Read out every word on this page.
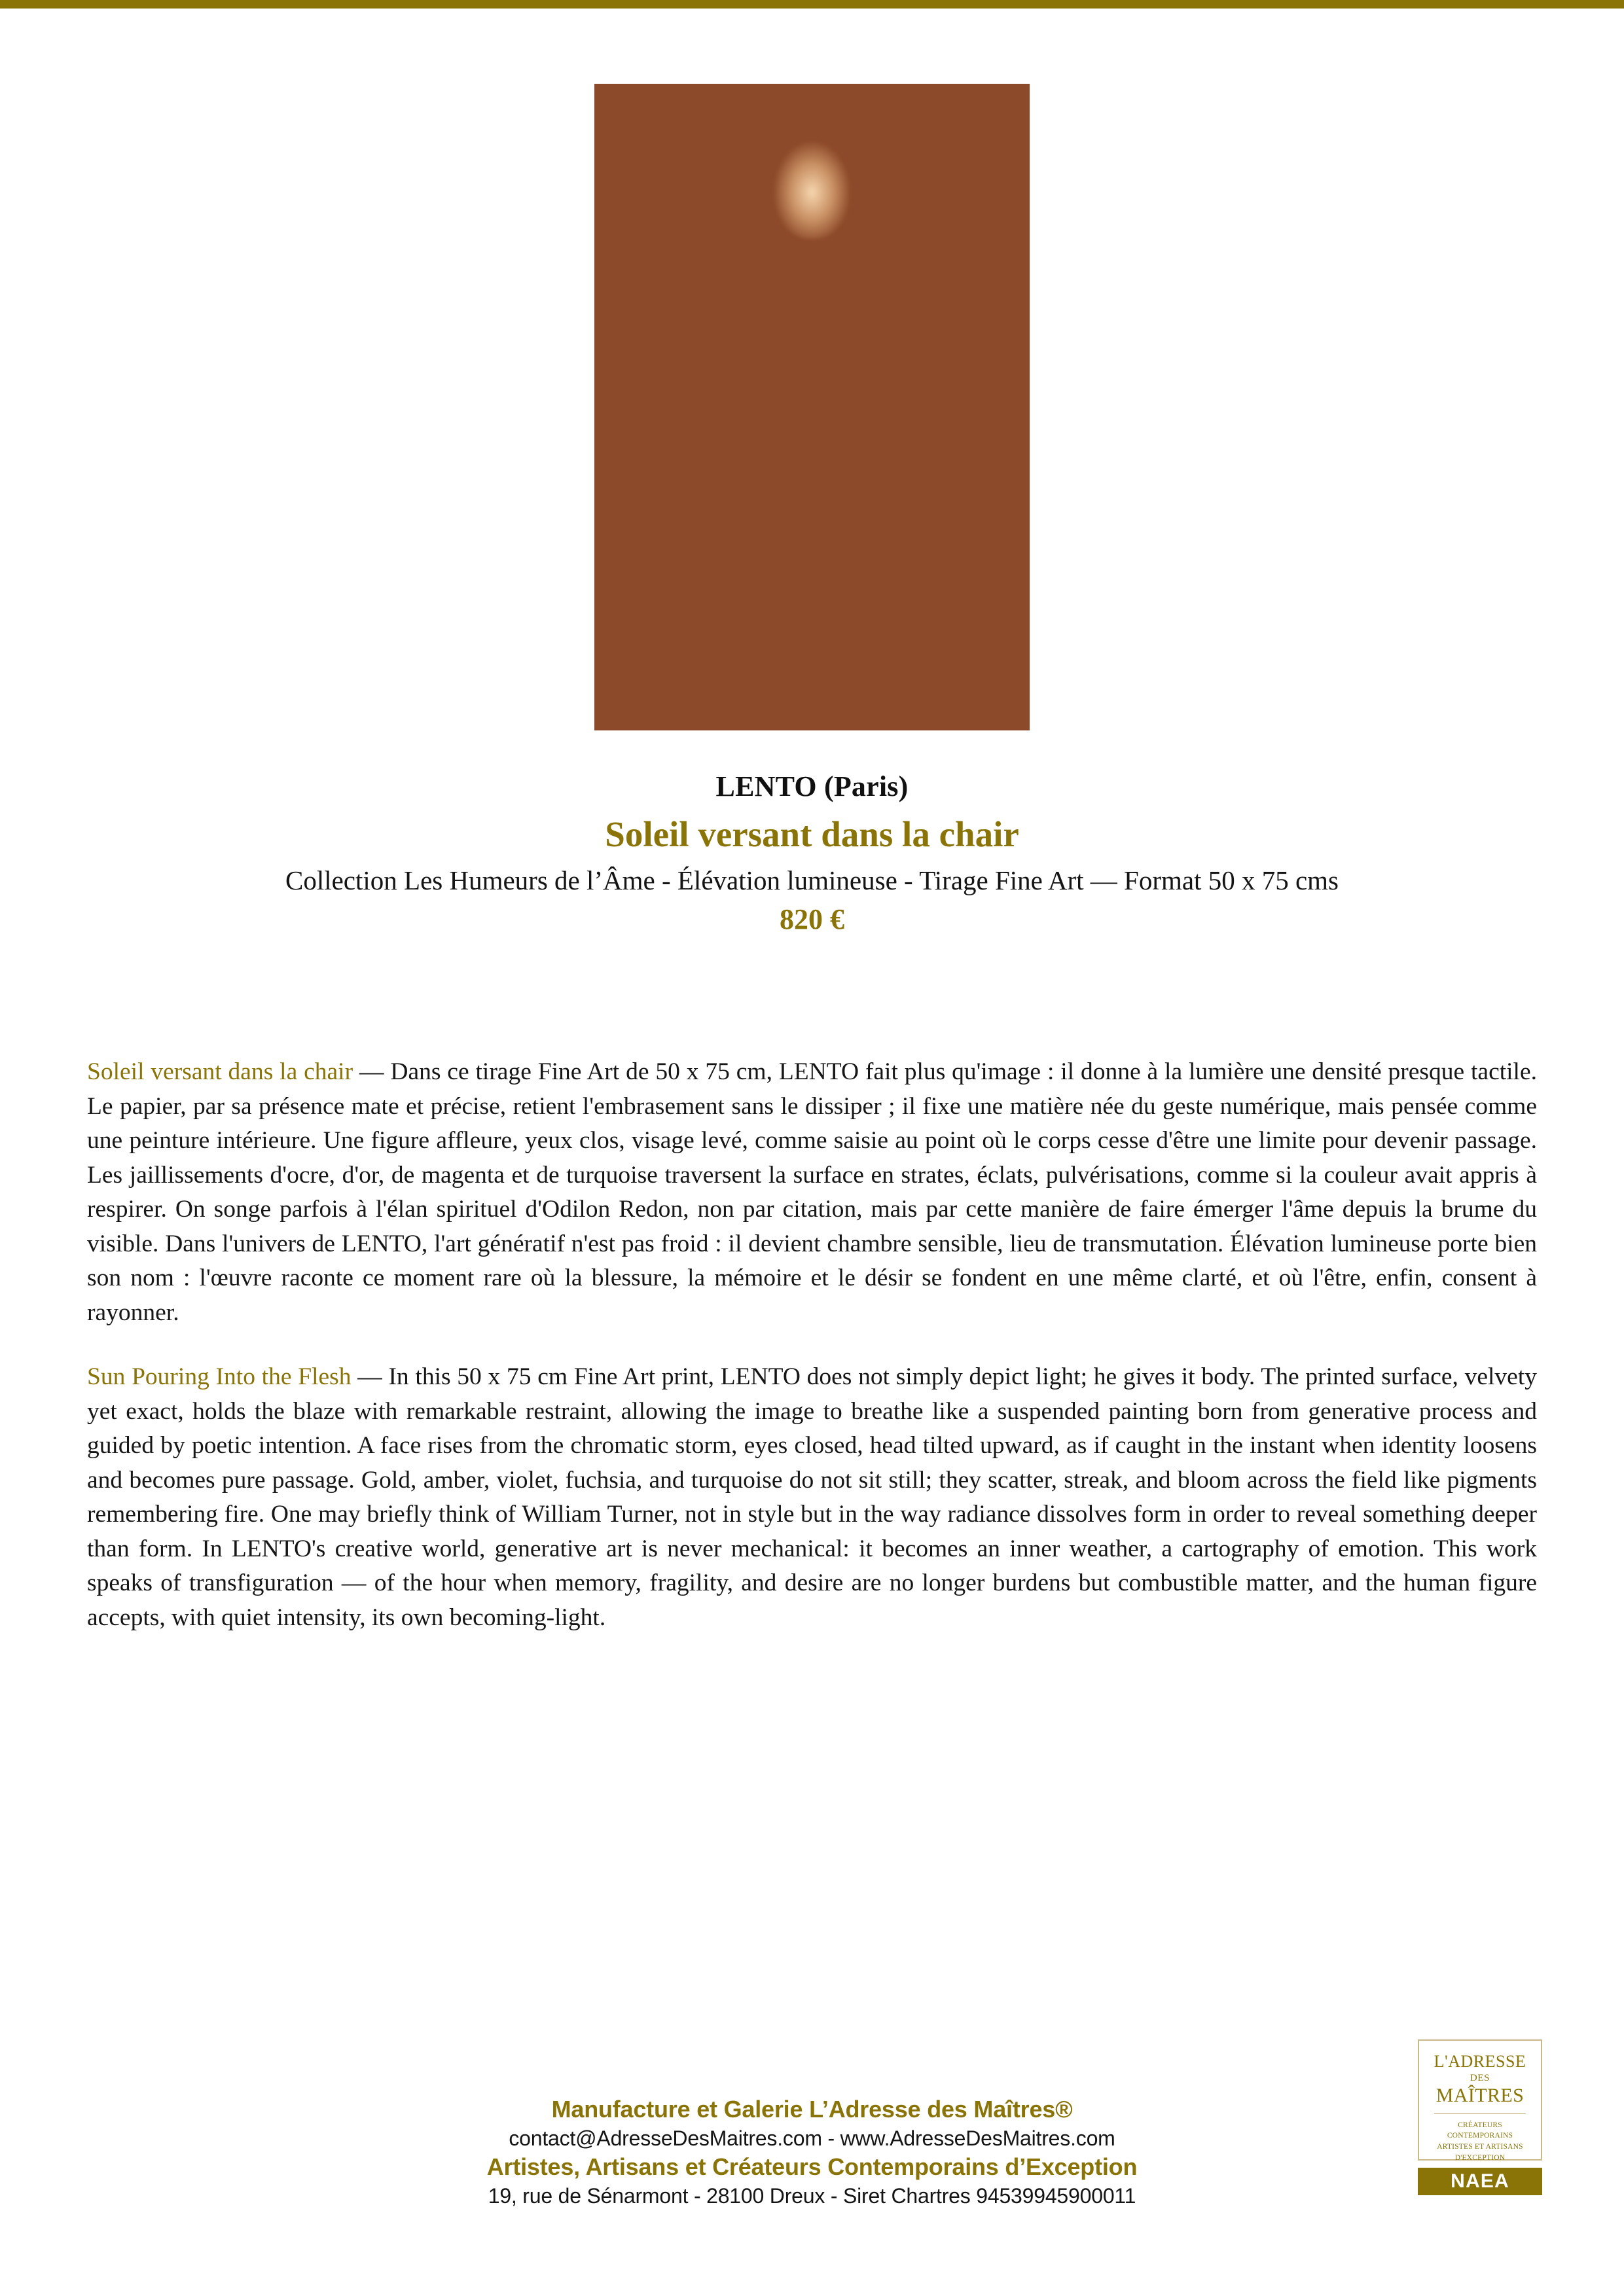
LENTO (Paris)
Soleil versant dans la chair
Collection Les Humeurs de l’Âme - Élévation lumineuse - Tirage Fine Art — Format 50 x 75 cms
820 €

Soleil versant dans la chair — Dans ce tirage Fine Art de 50 x 75 cm, LENTO fait plus qu'image : il donne à la lumière une densité presque tactile. Le papier, par sa présence mate et précise, retient l'embrasement sans le dissiper ; il fixe une matière née du geste numérique, mais pensée comme une peinture intérieure. Une figure affleure, yeux clos, visage levé, comme saisie au point où le corps cesse d'être une limite pour devenir passage. Les jaillissements d'ocre, d'or, de magenta et de turquoise traversent la surface en strates, éclats, pulvérisations, comme si la couleur avait appris à respirer. On songe parfois à l'élan spirituel d'Odilon Redon, non par citation, mais par cette manière de faire émerger l'âme depuis la brume du visible. Dans l'univers de LENTO, l'art génératif n'est pas froid : il devient chambre sensible, lieu de transmutation. Élévation lumineuse porte bien son nom : l'œuvre raconte ce moment rare où la blessure, la mémoire et le désir se fondent en une même clarté, et où l'être, enfin, consent à rayonner.

Sun Pouring Into the Flesh — In this 50 x 75 cm Fine Art print, LENTO does not simply depict light; he gives it body. The printed surface, velvety yet exact, holds the blaze with remarkable restraint, allowing the image to breathe like a suspended painting born from generative process and guided by poetic intention. A face rises from the chromatic storm, eyes closed, head tilted upward, as if caught in the instant when identity loosens and becomes pure passage. Gold, amber, violet, fuchsia, and turquoise do not sit still; they scatter, streak, and bloom across the field like pigments remembering fire. One may briefly think of William Turner, not in style but in the way radiance dissolves form in order to reveal something deeper than form. In LENTO's creative world, generative art is never mechanical: it becomes an inner weather, a cartography of emotion. This work speaks of transfiguration — of the hour when memory, fragility, and desire are no longer burdens but combustible matter, and the human figure accepts, with quiet intensity, its own becoming-light.

Manufacture et Galerie L’Adresse des Maîtres®

contact@AdresseDesMaitres.com - www.AdresseDesMaitres.com

Artistes, Artisans et Créateurs Contemporains d’Exception

19, rue de Sénarmont - 28100 Dreux - Siret Chartres 94539945900011

L'ADRESSE
DES
MAÎTRES
CRÉATEURS CONTEMPORAINS
ARTISTES ET ARTISANS
D'EXCEPTION
NAEA
